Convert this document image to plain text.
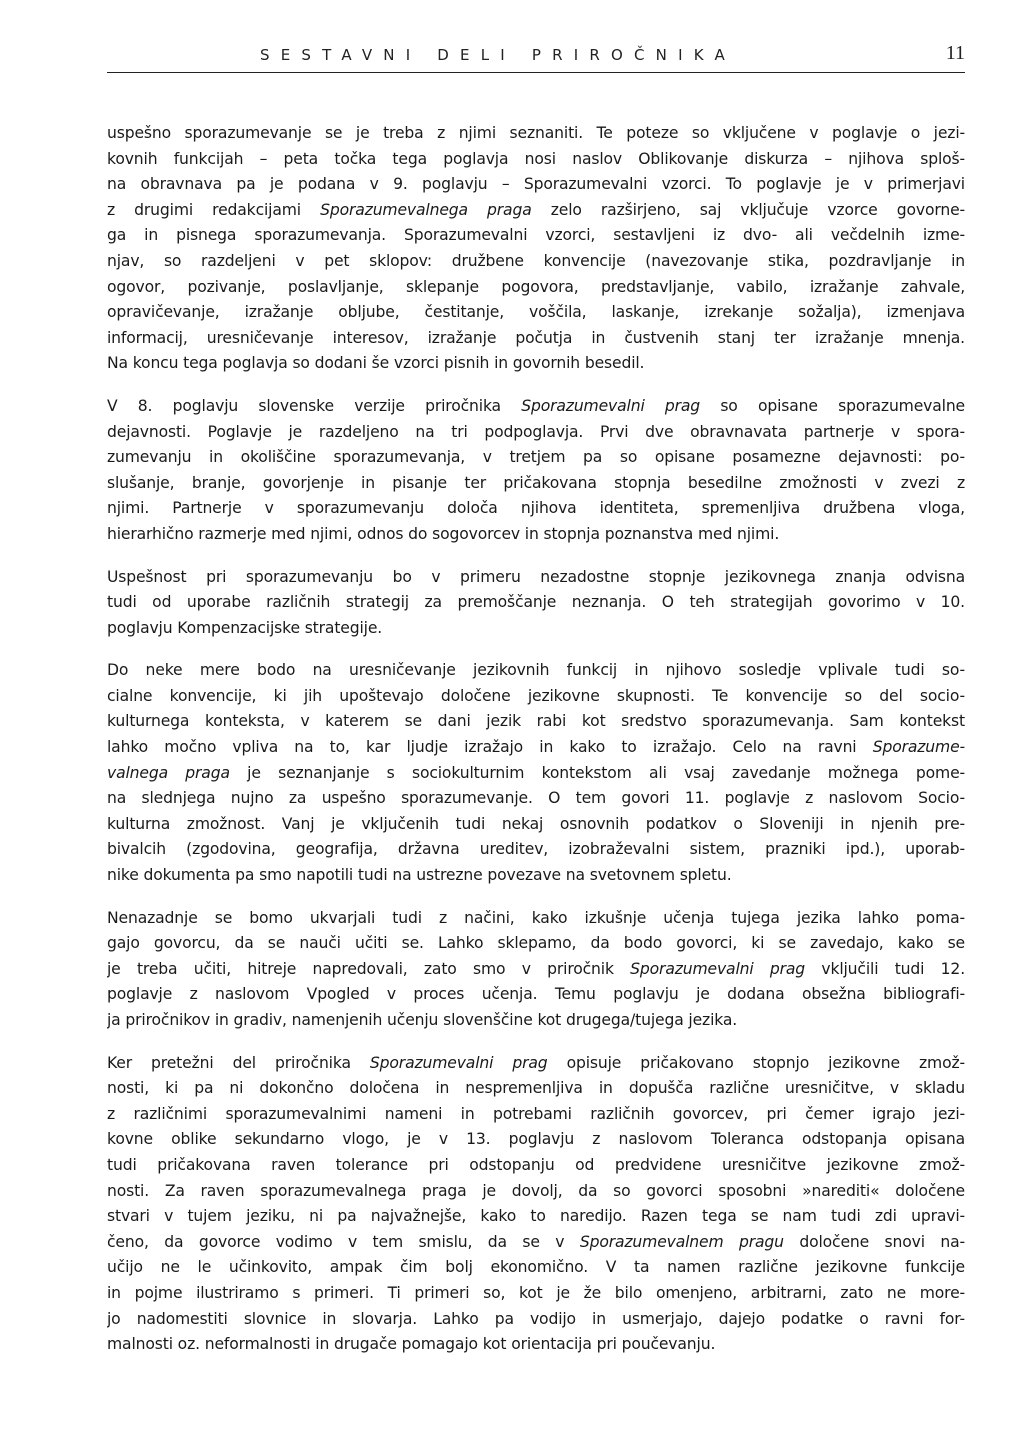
SESTAVNI DELI PRIROČNIKA	11

uspešno sporazumevanje se je treba z njimi seznaniti. Te poteze so vključene v poglavje o jezi-
kovnih funkcijah – peta točka tega poglavja nosi naslov Oblikovanje diskurza – njihova sploš-
na obravnava pa je podana v 9. poglavju – Sporazumevalni vzorci. To poglavje je v primerjavi
z drugimi redakcijami Sporazumevalnega praga zelo razširjeno, saj vključuje vzorce govorne-
ga in pisnega sporazumevanja. Sporazumevalni vzorci, sestavljeni iz dvo- ali večdelnih izme-
njav, so razdeljeni v pet sklopov: družbene konvencije (navezovanje stika, pozdravljanje in
ogovor, pozivanje, poslavljanje, sklepanje pogovora, predstavljanje, vabilo, izražanje zahvale,
opravičevanje, izražanje obljube, čestitanje, voščila, laskanje, izrekanje sožalja), izmenjava
informacij, uresničevanje interesov, izražanje počutja in čustvenih stanj ter izražanje mnenja.
Na koncu tega poglavja so dodani še vzorci pisnih in govornih besedil.

V 8. poglavju slovenske verzije priročnika Sporazumevalni prag so opisane sporazumevalne
dejavnosti. Poglavje je razdeljeno na tri podpoglavja. Prvi dve obravnavata partnerje v spora-
zumevanju in okoliščine sporazumevanja, v tretjem pa so opisane posamezne dejavnosti: po-
slušanje, branje, govorjenje in pisanje ter pričakovana stopnja besedilne zmožnosti v zvezi z
njimi. Partnerje v sporazumevanju določa njihova identiteta, spremenljiva družbena vloga,
hierarhično razmerje med njimi, odnos do sogovorcev in stopnja poznanstva med njimi.

Uspešnost pri sporazumevanju bo v primeru nezadostne stopnje jezikovnega znanja odvisna
tudi od uporabe različnih strategij za premoščanje neznanja. O teh strategijah govorimo v 10.
poglavju Kompenzacijske strategije.

Do neke mere bodo na uresničevanje jezikovnih funkcij in njihovo sosledje vplivale tudi so-
cialne konvencije, ki jih upoštevajo določene jezikovne skupnosti. Te konvencije so del socio-
kulturnega konteksta, v katerem se dani jezik rabi kot sredstvo sporazumevanja. Sam kontekst
lahko močno vpliva na to, kar ljudje izražajo in kako to izražajo. Celo na ravni Sporazume-
valnega praga je seznanjanje s sociokulturnim kontekstom ali vsaj zavedanje možnega pome-
na slednjega nujno za uspešno sporazumevanje. O tem govori 11. poglavje z naslovom Socio-
kulturna zmožnost. Vanj je vključenih tudi nekaj osnovnih podatkov o Sloveniji in njenih pre-
bivalcih (zgodovina, geografija, državna ureditev, izobraževalni sistem, prazniki ipd.), uporab-
nike dokumenta pa smo napotili tudi na ustrezne povezave na svetovnem spletu.

Nenazadnje se bomo ukvarjali tudi z načini, kako izkušnje učenja tujega jezika lahko poma-
gajo govorcu, da se nauči učiti se. Lahko sklepamo, da bodo govorci, ki se zavedajo, kako se
je treba učiti, hitreje napredovali, zato smo v priročnik Sporazumevalni prag vključili tudi 12.
poglavje z naslovom Vpogled v proces učenja. Temu poglavju je dodana obsežna bibliografi-
ja priročnikov in gradiv, namenjenih učenju slovenščine kot drugega/tujega jezika.

Ker pretežni del priročnika Sporazumevalni prag opisuje pričakovano stopnjo jezikovne zmož-
nosti, ki pa ni dokončno določena in nespremenljiva in dopušča različne uresničitve, v skladu
z različnimi sporazumevalnimi nameni in potrebami različnih govorcev, pri čemer igrajo jezi-
kovne oblike sekundarno vlogo, je v 13. poglavju z naslovom Toleranca odstopanja opisana
tudi pričakovana raven tolerance pri odstopanju od predvidene uresničitve jezikovne zmož-
nosti. Za raven sporazumevalnega praga je dovolj, da so govorci sposobni »narediti« določene
stvari v tujem jeziku, ni pa najvažnejše, kako to naredijo. Razen tega se nam tudi zdi upravi-
čeno, da govorce vodimo v tem smislu, da se v Sporazumevalnem pragu določene snovi na-
učijo ne le učinkovito, ampak čim bolj ekonomično. V ta namen različne jezikovne funkcije
in pojme ilustriramo s primeri. Ti primeri so, kot je že bilo omenjeno, arbitrarni, zato ne more-
jo nadomestiti slovnice in slovarja. Lahko pa vodijo in usmerjajo, dajejo podatke o ravni for-
malnosti oz. neformalnosti in drugače pomagajo kot orientacija pri poučevanju.
